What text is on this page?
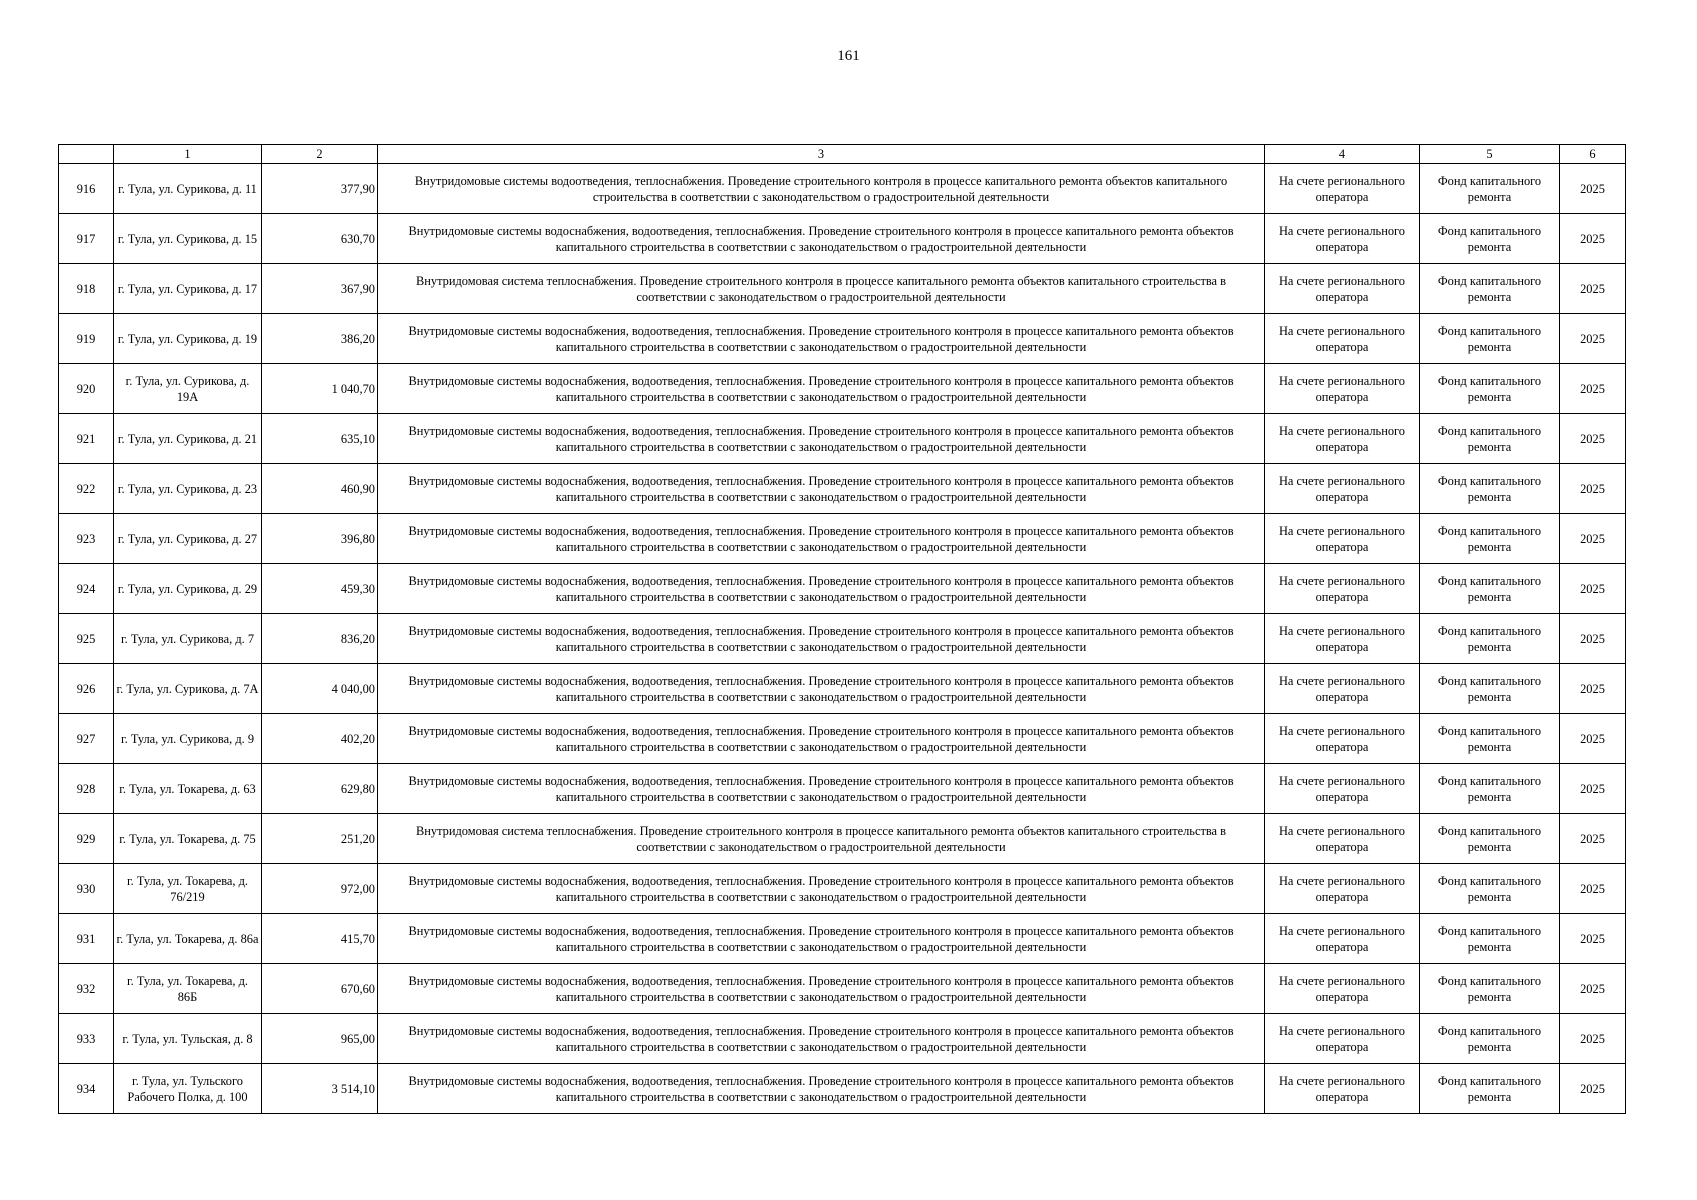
161
	1	2	3	4	5	6
916	г. Тула, ул. Сурикова, д. 11	377,90	Внутридомовые системы водоотведения, теплоснабжения. Проведение строительного контроля в процессе капитального ремонта объектов капитального строительства в соответствии с законодательством о градостроительной деятельности	На счете регионального оператора	Фонд капитального ремонта	2025
917	г. Тула, ул. Сурикова, д. 15	630,70	Внутридомовые системы водоснабжения, водоотведения, теплоснабжения. Проведение строительного контроля в процессе капитального ремонта объектов капитального строительства в соответствии с законодательством о градостроительной деятельности	На счете регионального оператора	Фонд капитального ремонта	2025
918	г. Тула, ул. Сурикова, д. 17	367,90	Внутридомовая система теплоснабжения. Проведение строительного контроля в процессе капитального ремонта объектов капитального строительства в соответствии с законодательством о градостроительной деятельности	На счете регионального оператора	Фонд капитального ремонта	2025
919	г. Тула, ул. Сурикова, д. 19	386,20	Внутридомовые системы водоснабжения, водоотведения, теплоснабжения. Проведение строительного контроля в процессе капитального ремонта объектов капитального строительства в соответствии с законодательством о градостроительной деятельности	На счете регионального оператора	Фонд капитального ремонта	2025
920	г. Тула, ул. Сурикова, д. 19А	1 040,70	Внутридомовые системы водоснабжения, водоотведения, теплоснабжения. Проведение строительного контроля в процессе капитального ремонта объектов капитального строительства в соответствии с законодательством о градостроительной деятельности	На счете регионального оператора	Фонд капитального ремонта	2025
921	г. Тула, ул. Сурикова, д. 21	635,10	Внутридомовые системы водоснабжения, водоотведения, теплоснабжения. Проведение строительного контроля в процессе капитального ремонта объектов капитального строительства в соответствии с законодательством о градостроительной деятельности	На счете регионального оператора	Фонд капитального ремонта	2025
922	г. Тула, ул. Сурикова, д. 23	460,90	Внутридомовые системы водоснабжения, водоотведения, теплоснабжения. Проведение строительного контроля в процессе капитального ремонта объектов капитального строительства в соответствии с законодательством о градостроительной деятельности	На счете регионального оператора	Фонд капитального ремонта	2025
923	г. Тула, ул. Сурикова, д. 27	396,80	Внутридомовые системы водоснабжения, водоотведения, теплоснабжения. Проведение строительного контроля в процессе капитального ремонта объектов капитального строительства в соответствии с законодательством о градостроительной деятельности	На счете регионального оператора	Фонд капитального ремонта	2025
924	г. Тула, ул. Сурикова, д. 29	459,30	Внутридомовые системы водоснабжения, водоотведения, теплоснабжения. Проведение строительного контроля в процессе капитального ремонта объектов капитального строительства в соответствии с законодательством о градостроительной деятельности	На счете регионального оператора	Фонд капитального ремонта	2025
925	г. Тула, ул. Сурикова, д. 7	836,20	Внутридомовые системы водоснабжения, водоотведения, теплоснабжения. Проведение строительного контроля в процессе капитального ремонта объектов капитального строительства в соответствии с законодательством о градостроительной деятельности	На счете регионального оператора	Фонд капитального ремонта	2025
926	г. Тула, ул. Сурикова, д. 7А	4 040,00	Внутридомовые системы водоснабжения, водоотведения, теплоснабжения. Проведение строительного контроля в процессе капитального ремонта объектов капитального строительства в соответствии с законодательством о градостроительной деятельности	На счете регионального оператора	Фонд капитального ремонта	2025
927	г. Тула, ул. Сурикова, д. 9	402,20	Внутридомовые системы водоснабжения, водоотведения, теплоснабжения. Проведение строительного контроля в процессе капитального ремонта объектов капитального строительства в соответствии с законодательством о градостроительной деятельности	На счете регионального оператора	Фонд капитального ремонта	2025
928	г. Тула, ул. Токарева, д. 63	629,80	Внутридомовые системы водоснабжения, водоотведения, теплоснабжения. Проведение строительного контроля в процессе капитального ремонта объектов капитального строительства в соответствии с законодательством о градостроительной деятельности	На счете регионального оператора	Фонд капитального ремонта	2025
929	г. Тула, ул. Токарева, д. 75	251,20	Внутридомовая система теплоснабжения. Проведение строительного контроля в процессе капитального ремонта объектов капитального строительства в соответствии с законодательством о градостроительной деятельности	На счете регионального оператора	Фонд капитального ремонта	2025
930	г. Тула, ул. Токарева, д. 76/219	972,00	Внутридомовые системы водоснабжения, водоотведения, теплоснабжения. Проведение строительного контроля в процессе капитального ремонта объектов капитального строительства в соответствии с законодательством о градостроительной деятельности	На счете регионального оператора	Фонд капитального ремонта	2025
931	г. Тула, ул. Токарева, д. 86а	415,70	Внутридомовые системы водоснабжения, водоотведения, теплоснабжения. Проведение строительного контроля в процессе капитального ремонта объектов капитального строительства в соответствии с законодательством о градостроительной деятельности	На счете регионального оператора	Фонд капитального ремонта	2025
932	г. Тула, ул. Токарева, д. 86Б	670,60	Внутридомовые системы водоснабжения, водоотведения, теплоснабжения. Проведение строительного контроля в процессе капитального ремонта объектов капитального строительства в соответствии с законодательством о градостроительной деятельности	На счете регионального оператора	Фонд капитального ремонта	2025
933	г. Тула, ул. Тульская, д. 8	965,00	Внутридомовые системы водоснабжения, водоотведения, теплоснабжения. Проведение строительного контроля в процессе капитального ремонта объектов капитального строительства в соответствии с законодательством о градостроительной деятельности	На счете регионального оператора	Фонд капитального ремонта	2025
934	г. Тула, ул. Тульского Рабочего Полка, д. 100	3 514,10	Внутридомовые системы водоснабжения, водоотведения, теплоснабжения. Проведение строительного контроля в процессе капитального ремонта объектов капитального строительства в соответствии с законодательством о градостроительной деятельности	На счете регионального оператора	Фонд капитального ремонта	2025
